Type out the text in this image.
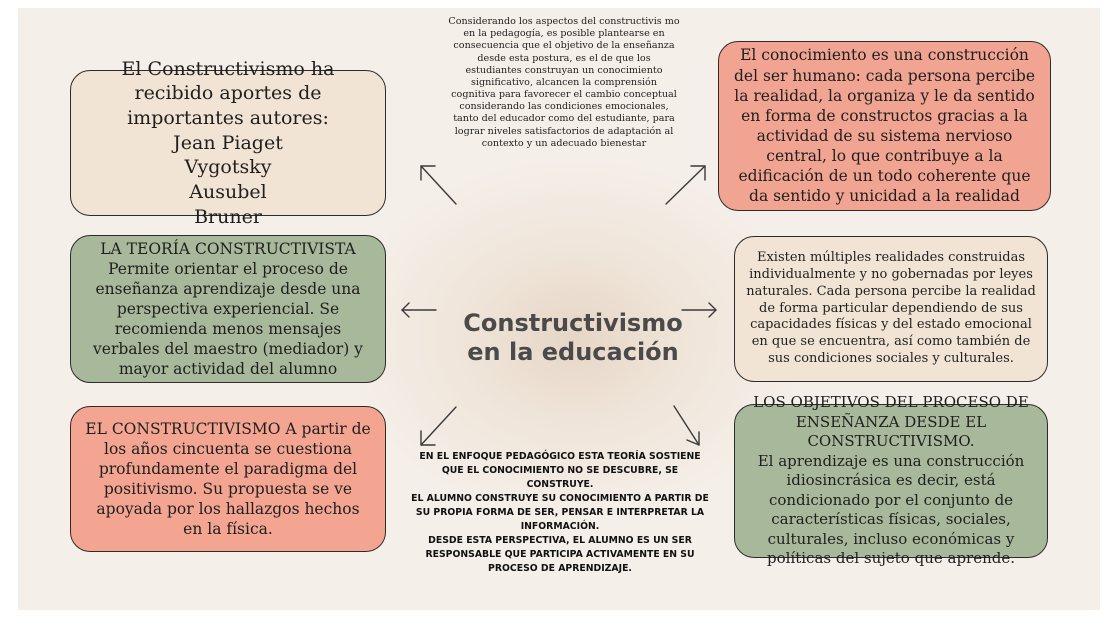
Considerando los aspectos del constructivis mo en la pedagogía, es posible plantearse en consecuencia que el objetivo de la enseñanza desde esta postura, es el de que los estudiantes construyan un conocimiento significativo, alcancen la comprensión cognitiva para favorecer el cambio conceptual considerando las condiciones emocionales, tanto del educador como del estudiante, para lograr niveles satisfactorios de adaptación al contexto y un adecuado bienestar
El Constructivismo ha recibido aportes de importantes autores:
Jean Piaget
Vygotsky
Ausubel
Bruner
LA TEORÍA CONSTRUCTIVISTA Permite orientar el proceso de enseñanza aprendizaje desde una perspectiva experiencial. Se recomienda menos mensajes verbales del maestro (mediador) y mayor actividad del alumno
EL CONSTRUCTIVISMO A partir de los años cincuenta se cuestiona profundamente el paradigma del positivismo. Su propuesta se ve apoyada por los hallazgos hechos en la física.
El conocimiento es una construcción del ser humano: cada persona percibe la realidad, la organiza y le da sentido en forma de constructos gracias a la actividad de su sistema nervioso central, lo que contribuye a la edificación de un todo coherente que da sentido y unicidad a la realidad
Existen múltiples realidades construidas individualmente y no gobernadas por leyes naturales. Cada persona percibe la realidad de forma particular dependiendo de sus capacidades físicas y del estado emocional en que se encuentra, así como también de sus condiciones sociales y culturales.
LOS OBJETIVOS DEL PROCESO DE ENSEÑANZA DESDE EL CONSTRUCTIVISMO.
El aprendizaje es una construcción idiosincrásica es decir, está condicionado por el conjunto de características físicas, sociales, culturales, incluso económicas y políticas del sujeto que aprende.
Constructivismo
en la educación
EN EL ENFOQUE PEDAGÓGICO ESTA TEORÍA SOSTIENE QUE EL CONOCIMIENTO NO SE DESCUBRE, SE CONSTRUYE.
EL ALUMNO CONSTRUYE SU CONOCIMIENTO A PARTIR DE SU PROPIA FORMA DE SER, PENSAR E INTERPRETAR LA INFORMACIÓN.
DESDE ESTA PERSPECTIVA, EL ALUMNO ES UN SER RESPONSABLE QUE PARTICIPA ACTIVAMENTE EN SU PROCESO DE APRENDIZAJE.
